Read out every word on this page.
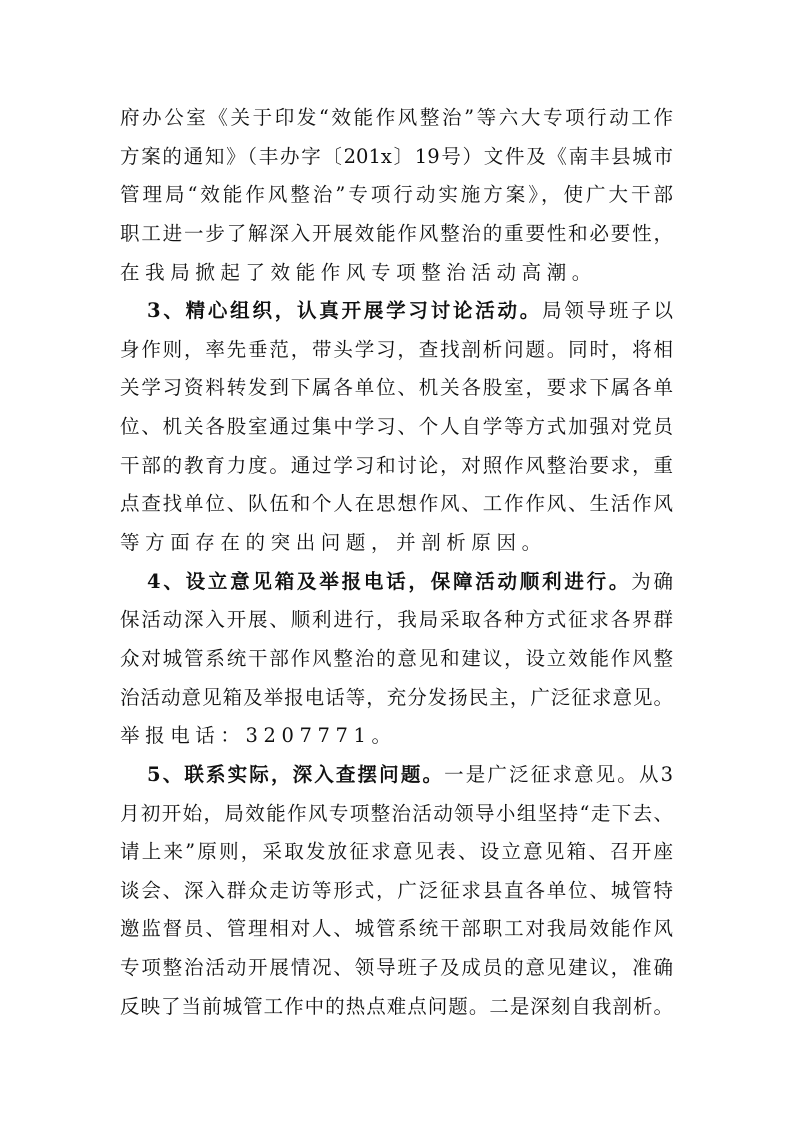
府办公室《关于印发“效能作风整治”等六大专项行动工作
方案的通知》（丰办字〔201x〕19号）文件及《南丰县城市
管理局“效能作风整治”专项行动实施方案》，使广大干部
职工进一步了解深入开展效能作风整治的重要性和必要性，
在我局掀起了效能作风专项整治活动高潮。
3、精心组织，认真开展学习讨论活动。局领导班子以
身作则，率先垂范，带头学习，查找剖析问题。同时，将相
关学习资料转发到下属各单位、机关各股室，要求下属各单
位、机关各股室通过集中学习、个人自学等方式加强对党员
干部的教育力度。通过学习和讨论，对照作风整治要求，重
点查找单位、队伍和个人在思想作风、工作作风、生活作风
等方面存在的突出问题，并剖析原因。
4、设立意见箱及举报电话，保障活动顺利进行。为确
保活动深入开展、顺利进行，我局采取各种方式征求各界群
众对城管系统干部作风整治的意见和建议，设立效能作风整
治活动意见箱及举报电话等，充分发扬民主，广泛征求意见。
举报电话：3207771。
5、联系实际，深入查摆问题。一是广泛征求意见。从3
月初开始，局效能作风专项整治活动领导小组坚持“走下去、
请上来”原则，采取发放征求意见表、设立意见箱、召开座
谈会、深入群众走访等形式，广泛征求县直各单位、城管特
邀监督员、管理相对人、城管系统干部职工对我局效能作风
专项整治活动开展情况、领导班子及成员的意见建议，准确
反映了当前城管工作中的热点难点问题。二是深刻自我剖析。
